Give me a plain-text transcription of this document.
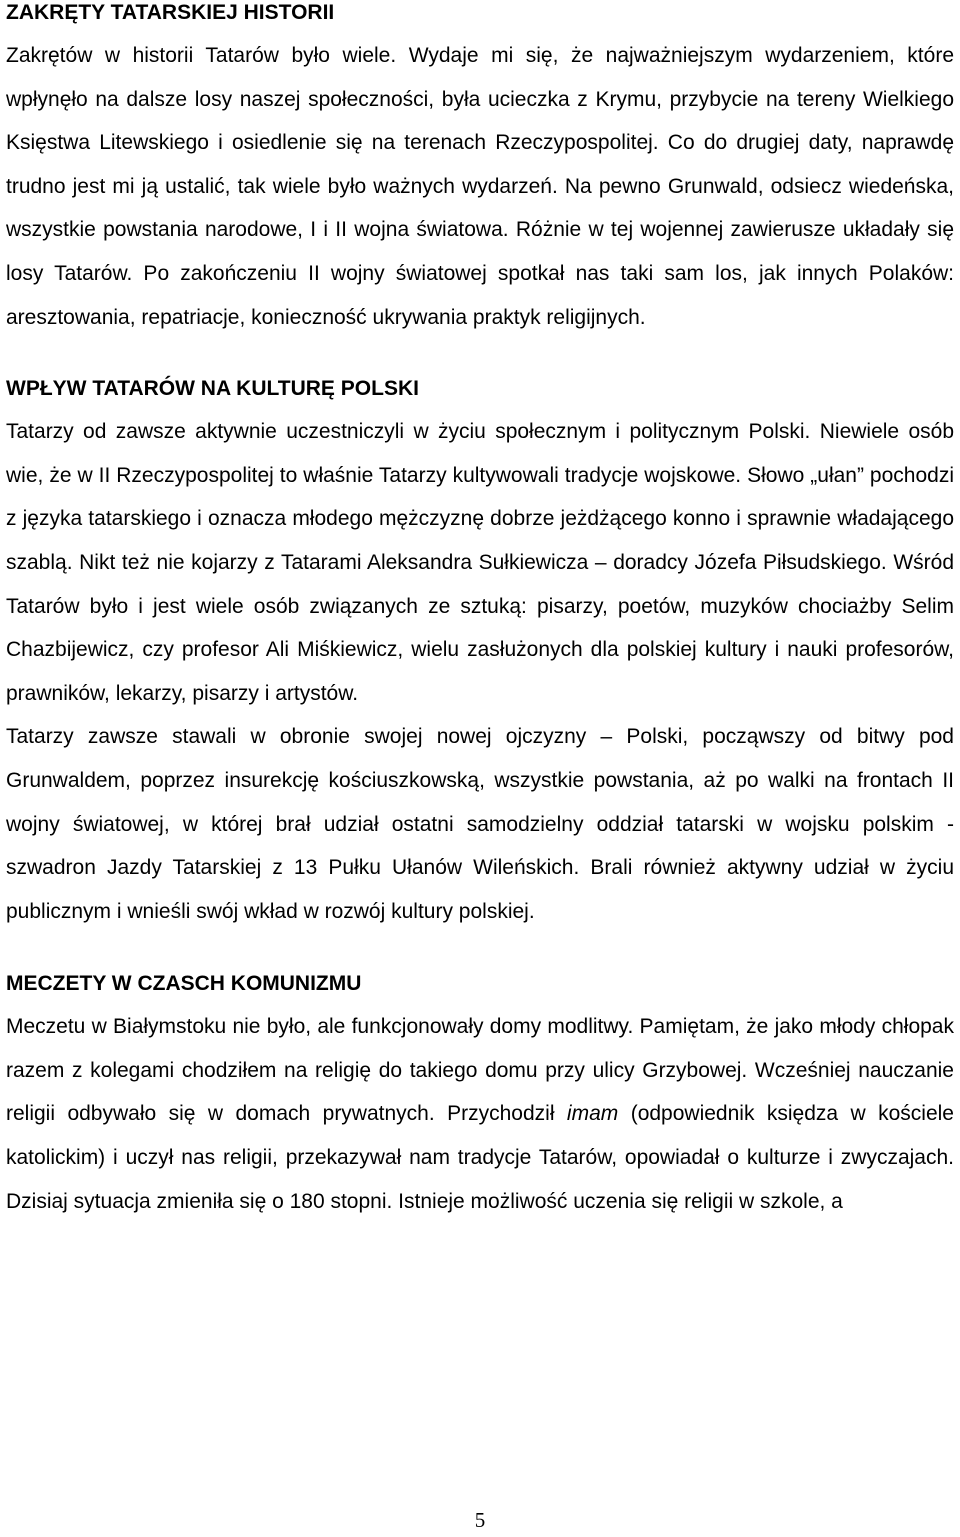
ZAKRĘTY TATARSKIEJ HISTORII

Zakrętów w historii Tatarów było wiele. Wydaje mi się, że najważniejszym wydarzeniem, które wpłynęło na dalsze losy naszej społeczności, była ucieczka z Krymu, przybycie na tereny Wielkiego Księstwa Litewskiego i osiedlenie się na terenach Rzeczypospolitej. Co do drugiej daty, naprawdę trudno jest mi ją ustalić, tak wiele było ważnych wydarzeń. Na pewno Grunwald, odsiecz wiedeńska, wszystkie powstania narodowe, I i II wojna światowa. Różnie w tej wojennej zawierusze układały się losy Tatarów. Po zakończeniu II wojny światowej spotkał nas taki sam los, jak innych Polaków: aresztowania, repatriacje, konieczność ukrywania praktyk religijnych.

WPŁYW TATARÓW NA KULTURĘ POLSKI

Tatarzy od zawsze aktywnie uczestniczyli w życiu społecznym i politycznym Polski. Niewiele osób wie, że w II Rzeczypospolitej to właśnie Tatarzy kultywowali tradycje wojskowe. Słowo „ułan” pochodzi z języka tatarskiego i oznacza młodego mężczyznę dobrze jeżdżącego konno i sprawnie władającego szablą. Nikt też nie kojarzy z Tatarami Aleksandra Sułkiewicza – doradcy Józefa Piłsudskiego. Wśród Tatarów było i jest wiele osób związanych ze sztuką: pisarzy, poetów, muzyków chociażby Selim Chazbijewicz, czy profesor Ali Miśkiewicz, wielu zasłużonych dla polskiej kultury i nauki profesorów, prawników, lekarzy, pisarzy i artystów.

Tatarzy zawsze stawali w obronie swojej nowej ojczyzny – Polski, począwszy od bitwy pod Grunwaldem, poprzez insurekcję kościuszkowską, wszystkie powstania, aż po walki na frontach II wojny światowej, w której brał udział ostatni samodzielny oddział tatarski w wojsku polskim - szwadron Jazdy Tatarskiej z 13 Pułku Ułanów Wileńskich. Brali również aktywny udział w życiu publicznym i wnieśli swój wkład w rozwój kultury polskiej.

MECZETY W CZASCH KOMUNIZMU

Meczetu w Białymstoku nie było, ale funkcjonowały domy modlitwy. Pamiętam, że jako młody chłopak razem z kolegami chodziłem na religię do takiego domu przy ulicy Grzybowej. Wcześniej nauczanie religii odbywało się w domach prywatnych. Przychodził imam (odpowiednik księdza w kościele katolickim) i uczył nas religii, przekazywał nam tradycje Tatarów, opowiadał o kulturze i zwyczajach. Dzisiaj sytuacja zmieniła się o 180 stopni. Istnieje możliwość uczenia się religii w szkole, a

5
